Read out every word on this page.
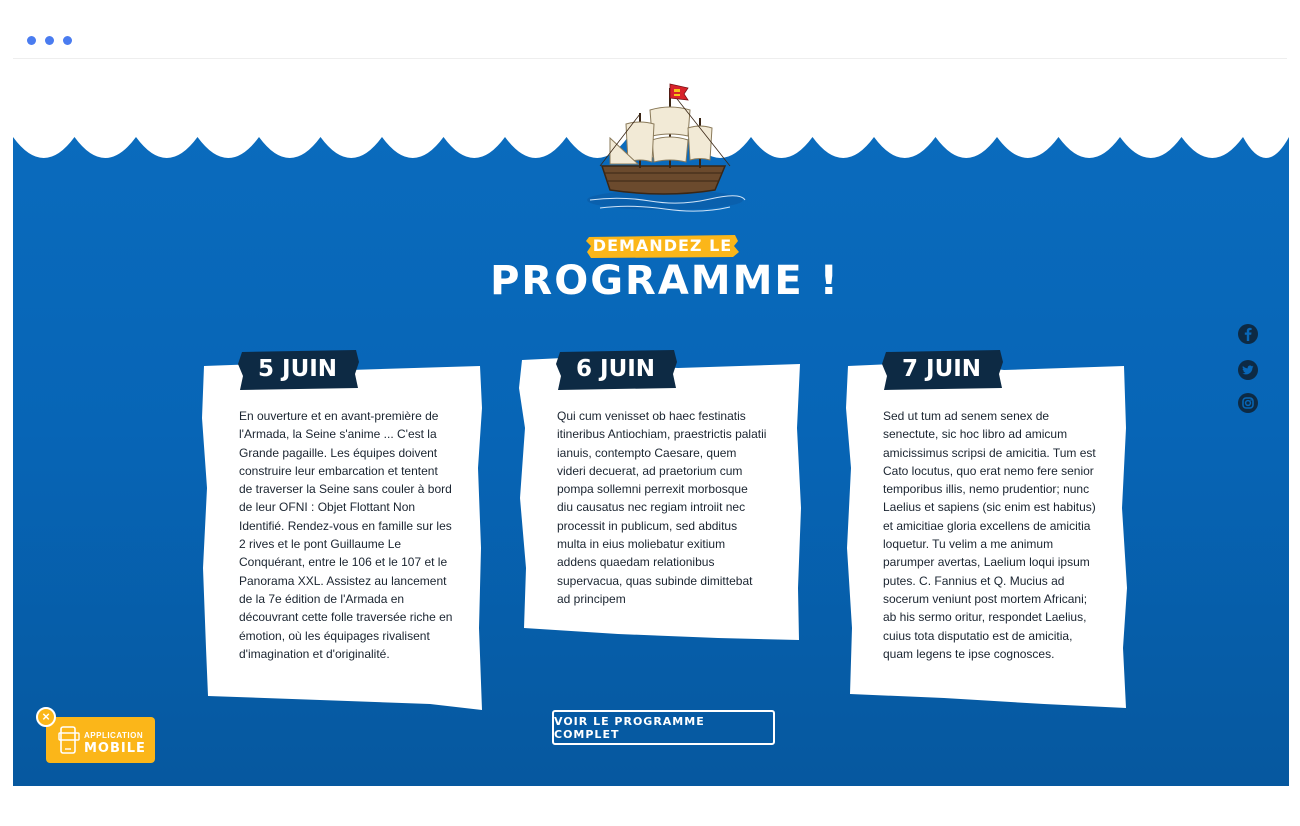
DEMANDEZ LE
PROGRAMME !
5 JUIN
En ouverture et en avant-première de l'Armada, la Seine s'anime ... C'est la Grande pagaille. Les équipes doivent construire leur embarcation et tentent de traverser la Seine sans couler à bord de leur OFNI : Objet Flottant Non Identifié. Rendez-vous en famille sur les 2 rives et le pont Guillaume Le Conquérant, entre le 106 et le 107 et le Panorama XXL. Assistez au lancement de la 7e édition de l'Armada en découvrant cette folle traversée riche en émotion, où les équipages rivalisent d'imagination et d'originalité.
6 JUIN
Qui cum venisset ob haec festinatis itineribus Antiochiam, praestrictis palatii ianuis, contempto Caesare, quem videri decuerat, ad praetorium cum pompa sollemni perrexit morbosque diu causatus nec regiam introiit nec processit in publicum, sed abditus multa in eius moliebatur exitium addens quaedam relationibus supervacua, quas subinde dimittebat ad principem
7 JUIN
Sed ut tum ad senem senex de senectute, sic hoc libro ad amicum amicissimus scripsi de amicitia. Tum est Cato locutus, quo erat nemo fere senior temporibus illis, nemo prudentior; nunc Laelius et sapiens (sic enim est habitus) et amicitiae gloria excellens de amicitia loquetur. Tu velim a me animum parumper avertas, Laelium loqui ipsum putes. C. Fannius et Q. Mucius ad socerum veniunt post mortem Africani; ab his sermo oritur, respondet Laelius, cuius tota disputatio est de amicitia, quam legens te ipse cognosces.
VOIR LE PROGRAMME COMPLET
APPLICATION
MOBILE
×
